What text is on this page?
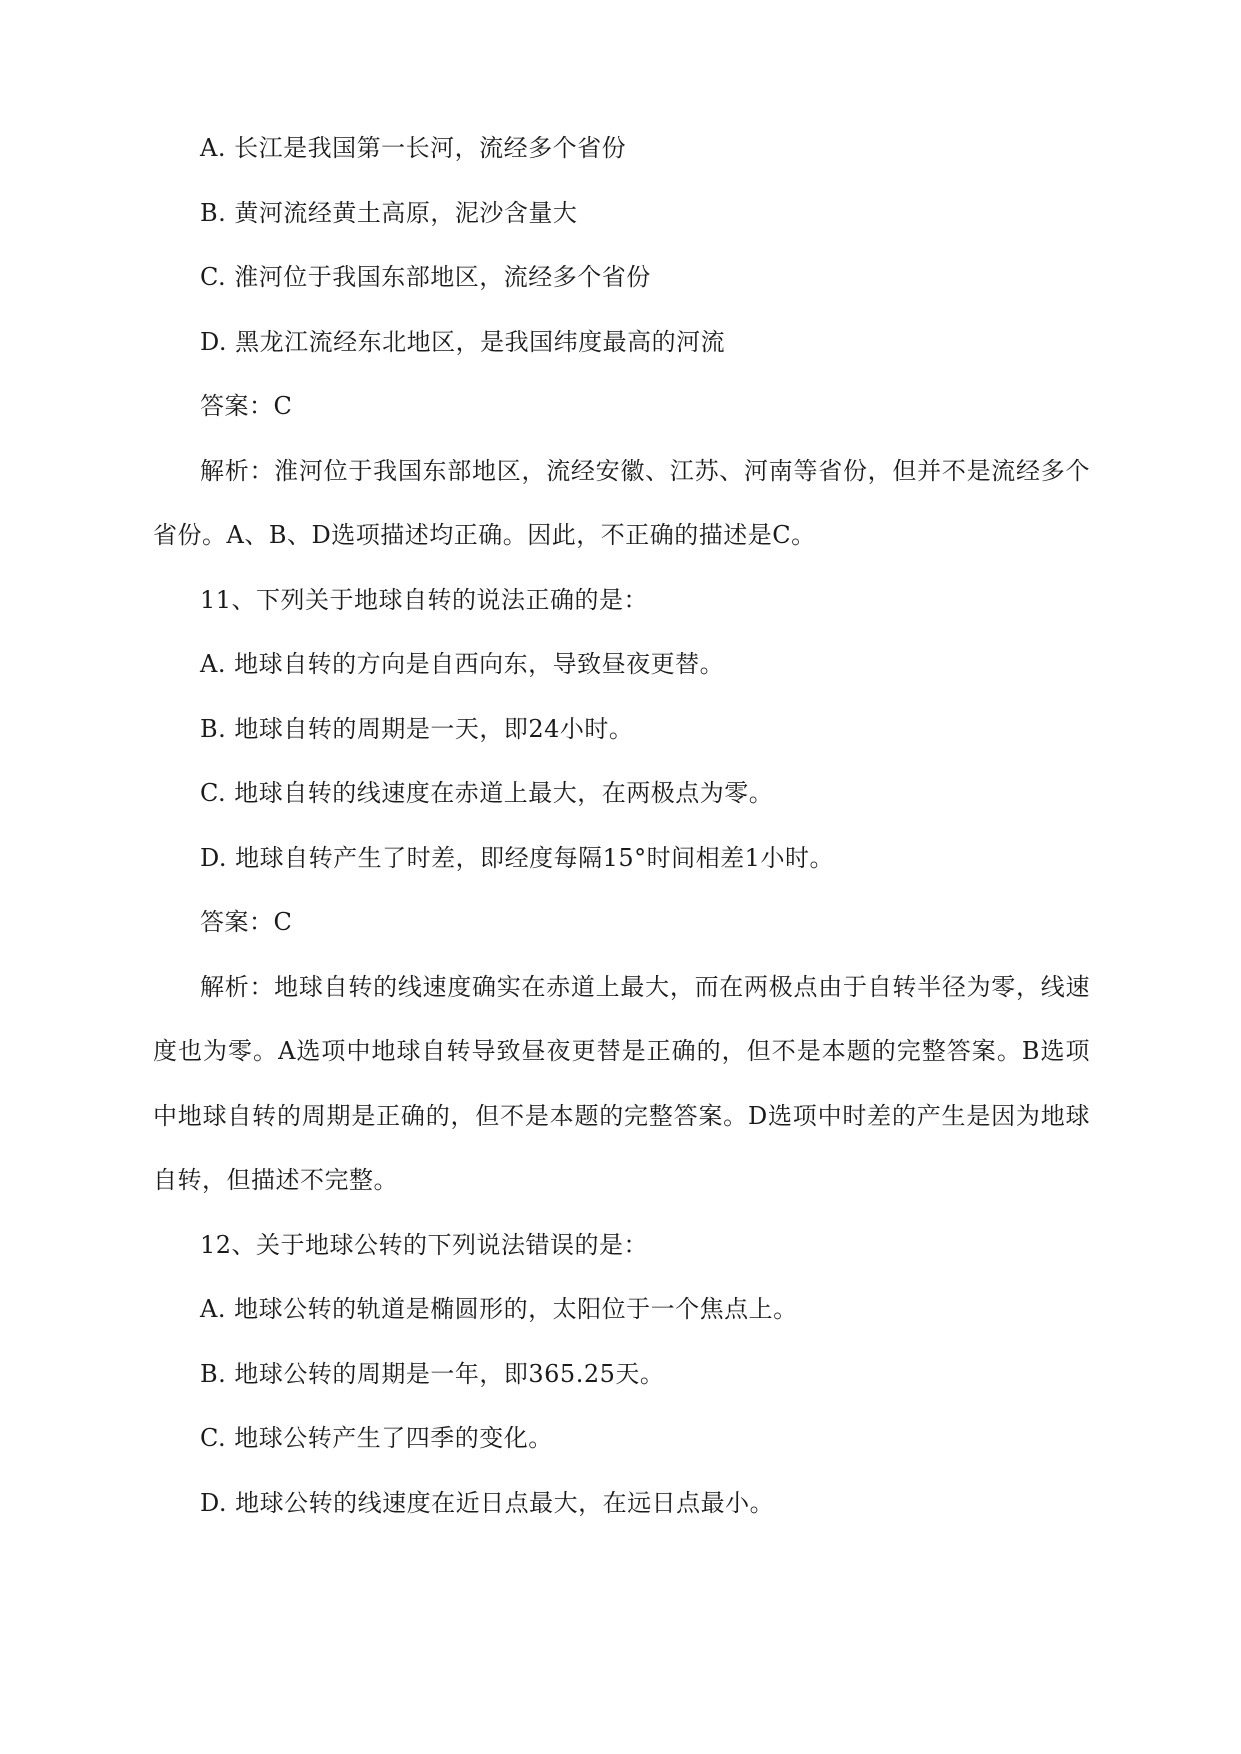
A. 长江是我国第一长河，流经多个省份
B. 黄河流经黄土高原，泥沙含量大
C. 淮河位于我国东部地区，流经多个省份
D. 黑龙江流经东北地区，是我国纬度最高的河流
答案：C
解析：淮河位于我国东部地区，流经安徽、江苏、河南等省份，但并不是流经多个省份。A、B、D选项描述均正确。因此，不正确的描述是C。
11、下列关于地球自转的说法正确的是：
A. 地球自转的方向是自西向东，导致昼夜更替。
B. 地球自转的周期是一天，即24小时。
C. 地球自转的线速度在赤道上最大，在两极点为零。
D. 地球自转产生了时差，即经度每隔15°时间相差1小时。
答案：C
解析：地球自转的线速度确实在赤道上最大，而在两极点由于自转半径为零，线速度也为零。A选项中地球自转导致昼夜更替是正确的，但不是本题的完整答案。B选项中地球自转的周期是正确的，但不是本题的完整答案。D选项中时差的产生是因为地球自转，但描述不完整。
12、关于地球公转的下列说法错误的是：
A. 地球公转的轨道是椭圆形的，太阳位于一个焦点上。
B. 地球公转的周期是一年，即365.25天。
C. 地球公转产生了四季的变化。
D. 地球公转的线速度在近日点最大，在远日点最小。
